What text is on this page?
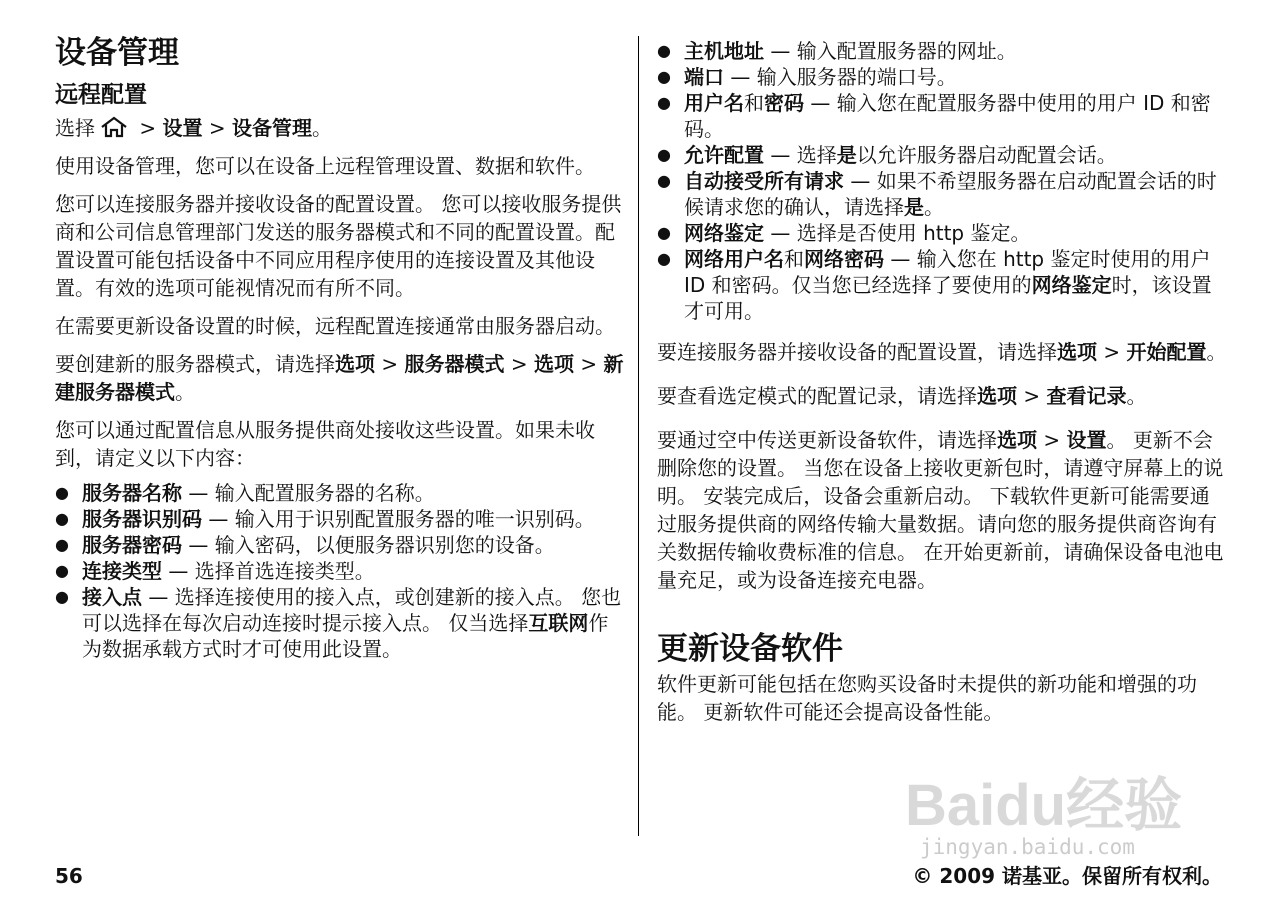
设备管理
远程配置

选择 > 设置 > 设备管理。

使用设备管理，您可以在设备上远程管理设置、数据和软件。

您可以连接服务器并接收设备的配置设置。 您可以接收服务提供商和公司信息管理部门发送的服务器模式和不同的配置设置。配置设置可能包括设备中不同应用程序使用的连接设置及其他设置。有效的选项可能视情况而有所不同。

在需要更新设备设置的时候，远程配置连接通常由服务器启动。

要创建新的服务器模式，请选择选项 > 服务器模式 > 选项 > 新建服务器模式。

您可以通过配置信息从服务提供商处接收这些设置。如果未收到，请定义以下内容：

● 服务器名称 — 输入配置服务器的名称。
● 服务器识别码 — 输入用于识别配置服务器的唯一识别码。
● 服务器密码 — 输入密码，以便服务器识别您的设备。
● 连接类型 — 选择首选连接类型。
● 接入点 — 选择连接使用的接入点，或创建新的接入点。 您也可以选择在每次启动连接时提示接入点。 仅当选择互联网作为数据承载方式时才可使用此设置。
● 主机地址 — 输入配置服务器的网址。
● 端口 — 输入服务器的端口号。
● 用户名和密码 — 输入您在配置服务器中使用的用户 ID 和密码。
● 允许配置 — 选择是以允许服务器启动配置会话。
● 自动接受所有请求 — 如果不希望服务器在启动配置会话的时候请求您的确认，请选择是。
● 网络鉴定 — 选择是否使用 http 鉴定。
● 网络用户名和网络密码 — 输入您在 http 鉴定时使用的用户 ID 和密码。仅当您已经选择了要使用的网络鉴定时，该设置才可用。

要连接服务器并接收设备的配置设置，请选择选项 > 开始配置。

要查看选定模式的配置记录，请选择选项 > 查看记录。

要通过空中传送更新设备软件，请选择选项 > 设置。 更新不会删除您的设置。 当您在设备上接收更新包时，请遵守屏幕上的说明。 安装完成后，设备会重新启动。 下载软件更新可能需要通过服务提供商的网络传输大量数据。请向您的服务提供商咨询有关数据传输收费标准的信息。 在开始更新前，请确保设备电池电量充足，或为设备连接充电器。

更新设备软件

软件更新可能包括在您购买设备时未提供的新功能和增强的功能。 更新软件可能还会提高设备性能。

Baidu经验
jingyan.baidu.com
56	© 2009 诺基亚。保留所有权利。
